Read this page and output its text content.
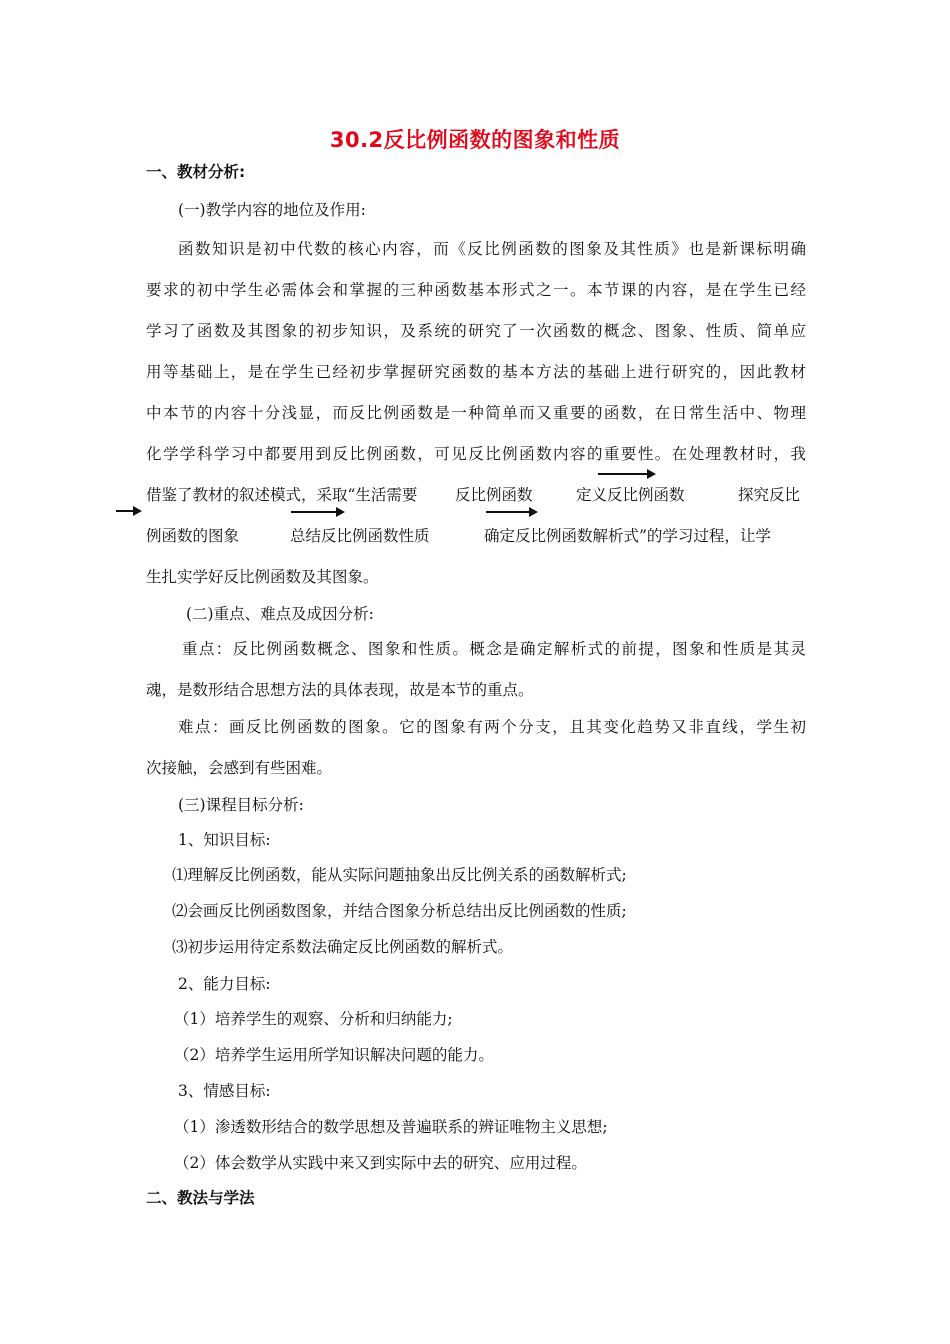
30.2反比例函数的图象和性质
一、教材分析:
(一)教学内容的地位及作用:
函数知识是初中代数的核心内容，而《反比例函数的图象及其性质》也是新课标明确
要求的初中学生必需体会和掌握的三种函数基本形式之一。本节课的内容，是在学生已经
学习了函数及其图象的初步知识，及系统的研究了一次函数的概念、图象、性质、简单应
用等基础上，是在学生已经初步掌握研究函数的基本方法的基础上进行研究的，因此教材
中本节的内容十分浅显，而反比例函数是一种简单而又重要的函数，在日常生活中、物理
化学学科学习中都要用到反比例函数，可见反比例函数内容的重要性。在处理教材时，我
借鉴了教材的叙述模式，采取“生活需要 反比例函数	定义反比例函数	探究反比
例函数的图象	总结反比例函数性质	确定反比例函数解析式”的学习过程，让学
生扎实学好反比例函数及其图象。
(二)重点、难点及成因分析:
重点：反比例函数概念、图象和性质。概念是确定解析式的前提，图象和性质是其灵
魂，是数形结合思想方法的具体表现，故是本节的重点。
难点：画反比例函数的图象。它的图象有两个分支，且其变化趋势又非直线，学生初
次接触，会感到有些困难。
(三)课程目标分析:
1、知识目标:
⑴理解反比例函数，能从实际问题抽象出反比例关系的函数解析式;
⑵会画反比例函数图象，并结合图象分析总结出反比例函数的性质;
⑶初步运用待定系数法确定反比例函数的解析式。
2、能力目标:
（1）培养学生的观察、分析和归纳能力;
（2）培养学生运用所学知识解决问题的能力。
3、情感目标:
（1）渗透数形结合的数学思想及普遍联系的辨证唯物主义思想;
（2）体会数学从实践中来又到实际中去的研究、应用过程。
二、教法与学法
